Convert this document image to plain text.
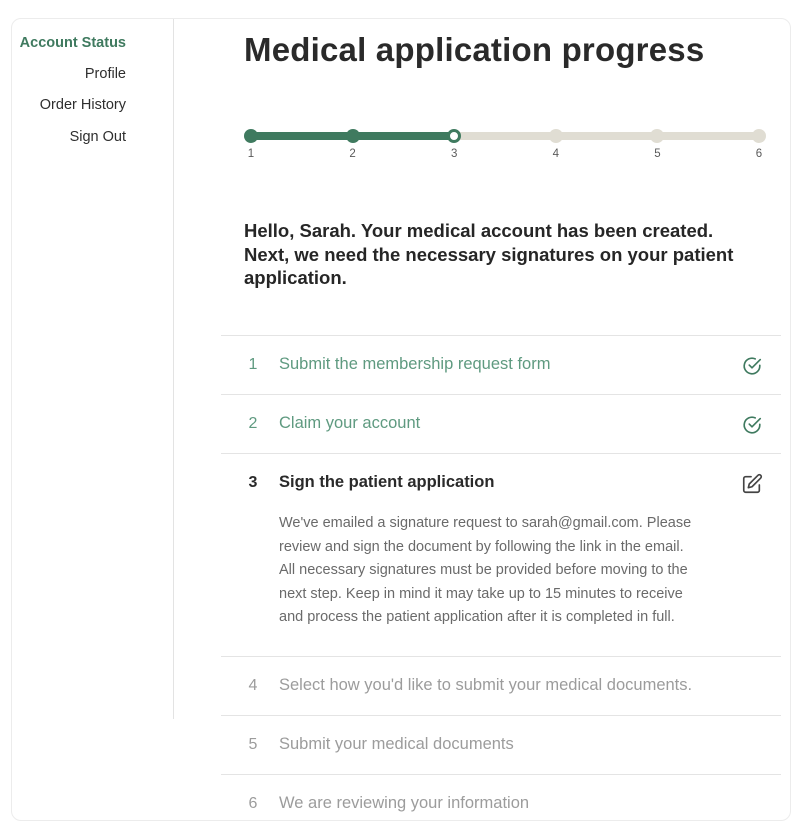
Account Status
Profile
Order History
Sign Out
Medical application progress
1	2	3	4	5	6

Hello, Sarah. Your medical account has been created. Next, we need the necessary signatures on your patient application.

1 Submit the membership request form
2 Claim your account
3 Sign the patient application

We've emailed a signature request to sarah@gmail.com. Please review and sign the document by following the link in the email. All necessary signatures must be provided before moving to the next step. Keep in mind it may take up to 15 minutes to receive and process the patient application after it is completed in full.

4 Select how you'd like to submit your medical documents.
5 Submit your medical documents
6 We are reviewing your information
